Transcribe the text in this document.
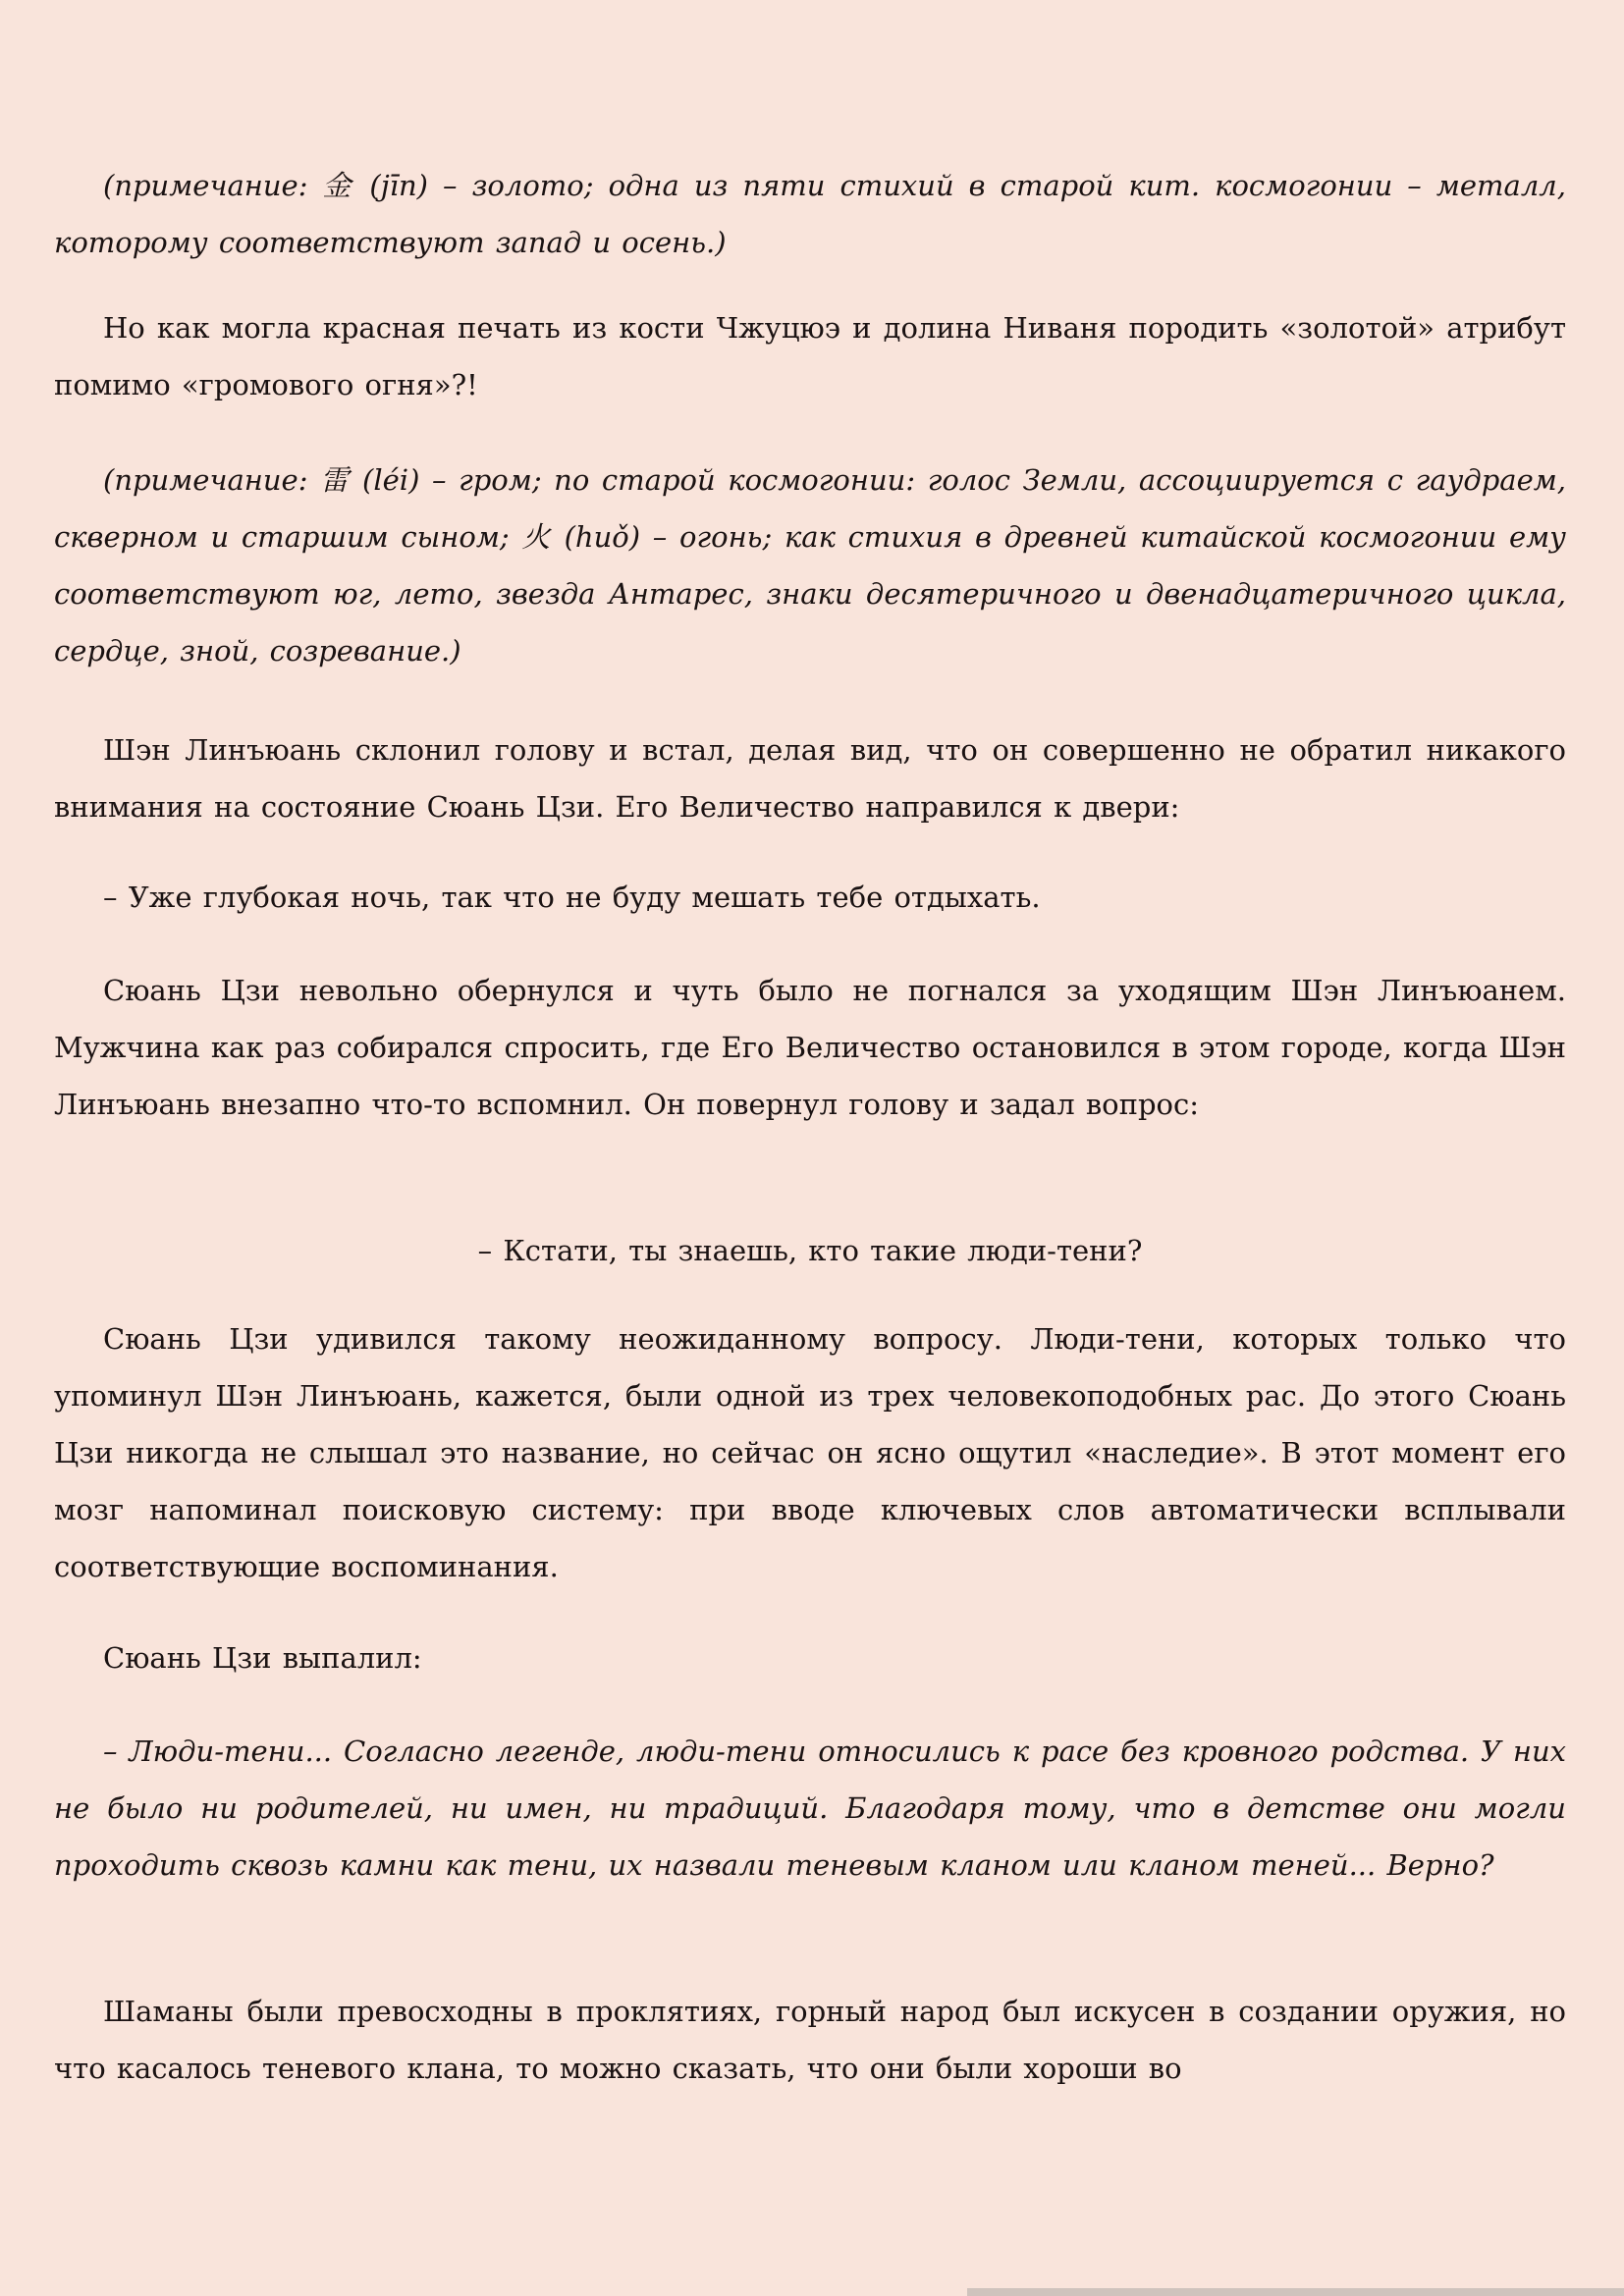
(примечание: 金 (jīn) – золото; одна из пяти стихий в старой кит. космогонии – металл, которому соответствуют запад и осень.)
Но как могла красная печать из кости Чжуцюэ и долина Ниваня породить «золотой» атрибут помимо «громового огня»?!
(примечание: 雷 (léi) – гром; по старой космогонии: голос Земли, ассоциируется с гаудраем, скверном и старшим сыном; 火 (huǒ) – огонь; как стихия в древней китайской космогонии ему соответствуют юг, лето, звезда Антарес, знаки десятеричного и двенадцатеричного цикла, сердце, зной, созревание.)
Шэн Линъюань склонил голову и встал, делая вид, что он совершенно не обратил никакого внимания на состояние Сюань Цзи. Его Величество направился к двери:
– Уже глубокая ночь, так что не буду мешать тебе отдыхать.
Сюань Цзи невольно обернулся и чуть было не погнался за уходящим Шэн Линъюанем. Мужчина как раз собирался спросить, где Его Величество остановился в этом городе, когда Шэн Линъюань внезапно что-то вспомнил. Он повернул голову и задал вопрос:
– Кстати, ты знаешь, кто такие люди-тени?
Сюань Цзи удивился такому неожиданному вопросу. Люди-тени, которых только что упоминул Шэн Линъюань, кажется, были одной из трех человекоподобных рас. До этого Сюань Цзи никогда не слышал это название, но сейчас он ясно ощутил «наследие». В этот момент его мозг напоминал поисковую систему: при вводе ключевых слов автоматически всплывали соответствующие воспоминания.
Сюань Цзи выпалил:
– Люди-тени... Согласно легенде, люди-тени относились к расе без кровного родства. У них не было ни родителей, ни имен, ни традиций. Благодаря тому, что в детстве они могли проходить сквозь камни как тени, их назвали теневым кланом или кланом теней... Верно?
Шаманы были превосходны в проклятиях, горный народ был искусен в создании оружия, но что касалось теневого клана, то можно сказать, что они были хороши во
